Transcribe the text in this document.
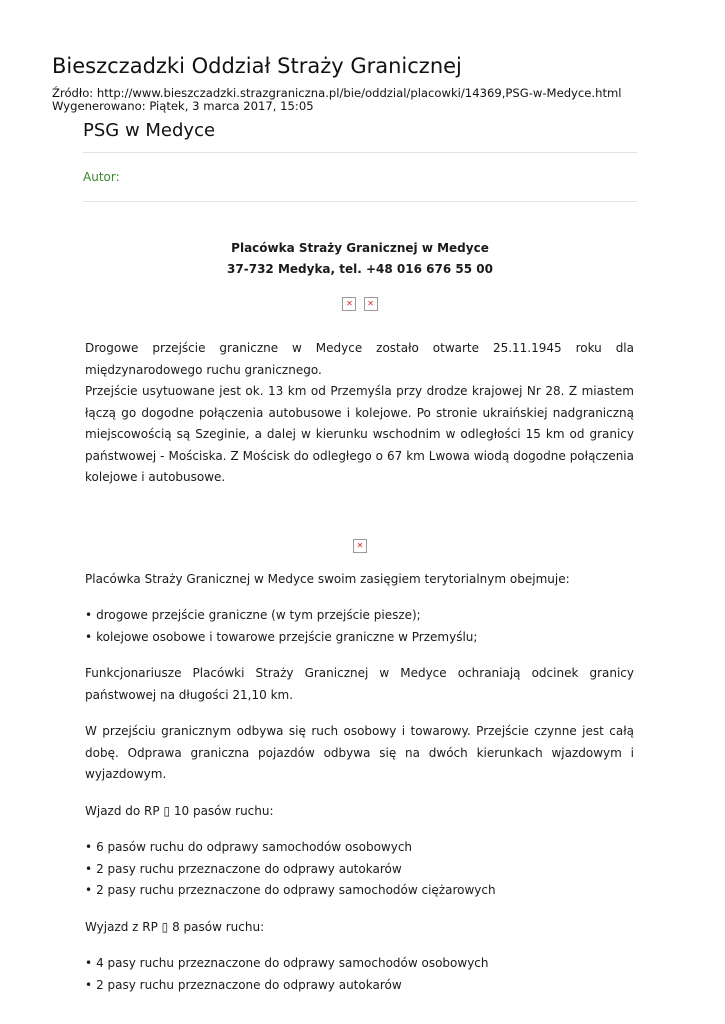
Bieszczadzki Oddział Straży Granicznej
Źródło: http://www.bieszczadzki.strazgraniczna.pl/bie/oddzial/placowki/14369,PSG-w-Medyce.html
Wygenerowano: Piątek, 3 marca 2017, 15:05
PSG w Medyce
Autor:
Placówka Straży Granicznej w Medyce
37-732 Medyka, tel. +48 016 676 55 00
✕ ✕
Drogowe przejście graniczne w Medyce zostało otwarte 25.11.1945 roku dla międzynarodowego ruchu granicznego.
Przejście usytuowane jest ok. 13 km od Przemyśla przy drodze krajowej Nr 28. Z miastem łączą go dogodne połączenia autobusowe i kolejowe. Po stronie ukraińskiej nadgraniczną miejscowością są Szeginie, a dalej w kierunku wschodnim w odległości 15 km od granicy państwowej - Mościska. Z Mościsk do odległego o 67 km Lwowa wiodą dogodne połączenia kolejowe i autobusowe.
✕
Placówka Straży Granicznej w Medyce swoim zasięgiem terytorialnym obejmuje:
• drogowe przejście graniczne (w tym przejście piesze);
• kolejowe osobowe i towarowe przejście graniczne w Przemyślu;
Funkcjonariusze Placówki Straży Granicznej w Medyce ochraniają odcinek granicy państwowej na długości 21,10 km.
W przejściu granicznym odbywa się ruch osobowy i towarowy. Przejście czynne jest całą dobę. Odprawa graniczna pojazdów odbywa się na dwóch kierunkach wjazdowym i wyjazdowym.
Wjazd do RP ▯ 10 pasów ruchu:
• 6 pasów ruchu do odprawy samochodów osobowych
• 2 pasy ruchu przeznaczone do odprawy autokarów
• 2 pasy ruchu przeznaczone do odprawy samochodów ciężarowych
Wyjazd z RP ▯ 8 pasów ruchu:
• 4 pasy ruchu przeznaczone do odprawy samochodów osobowych
• 2 pasy ruchu przeznaczone do odprawy autokarów
